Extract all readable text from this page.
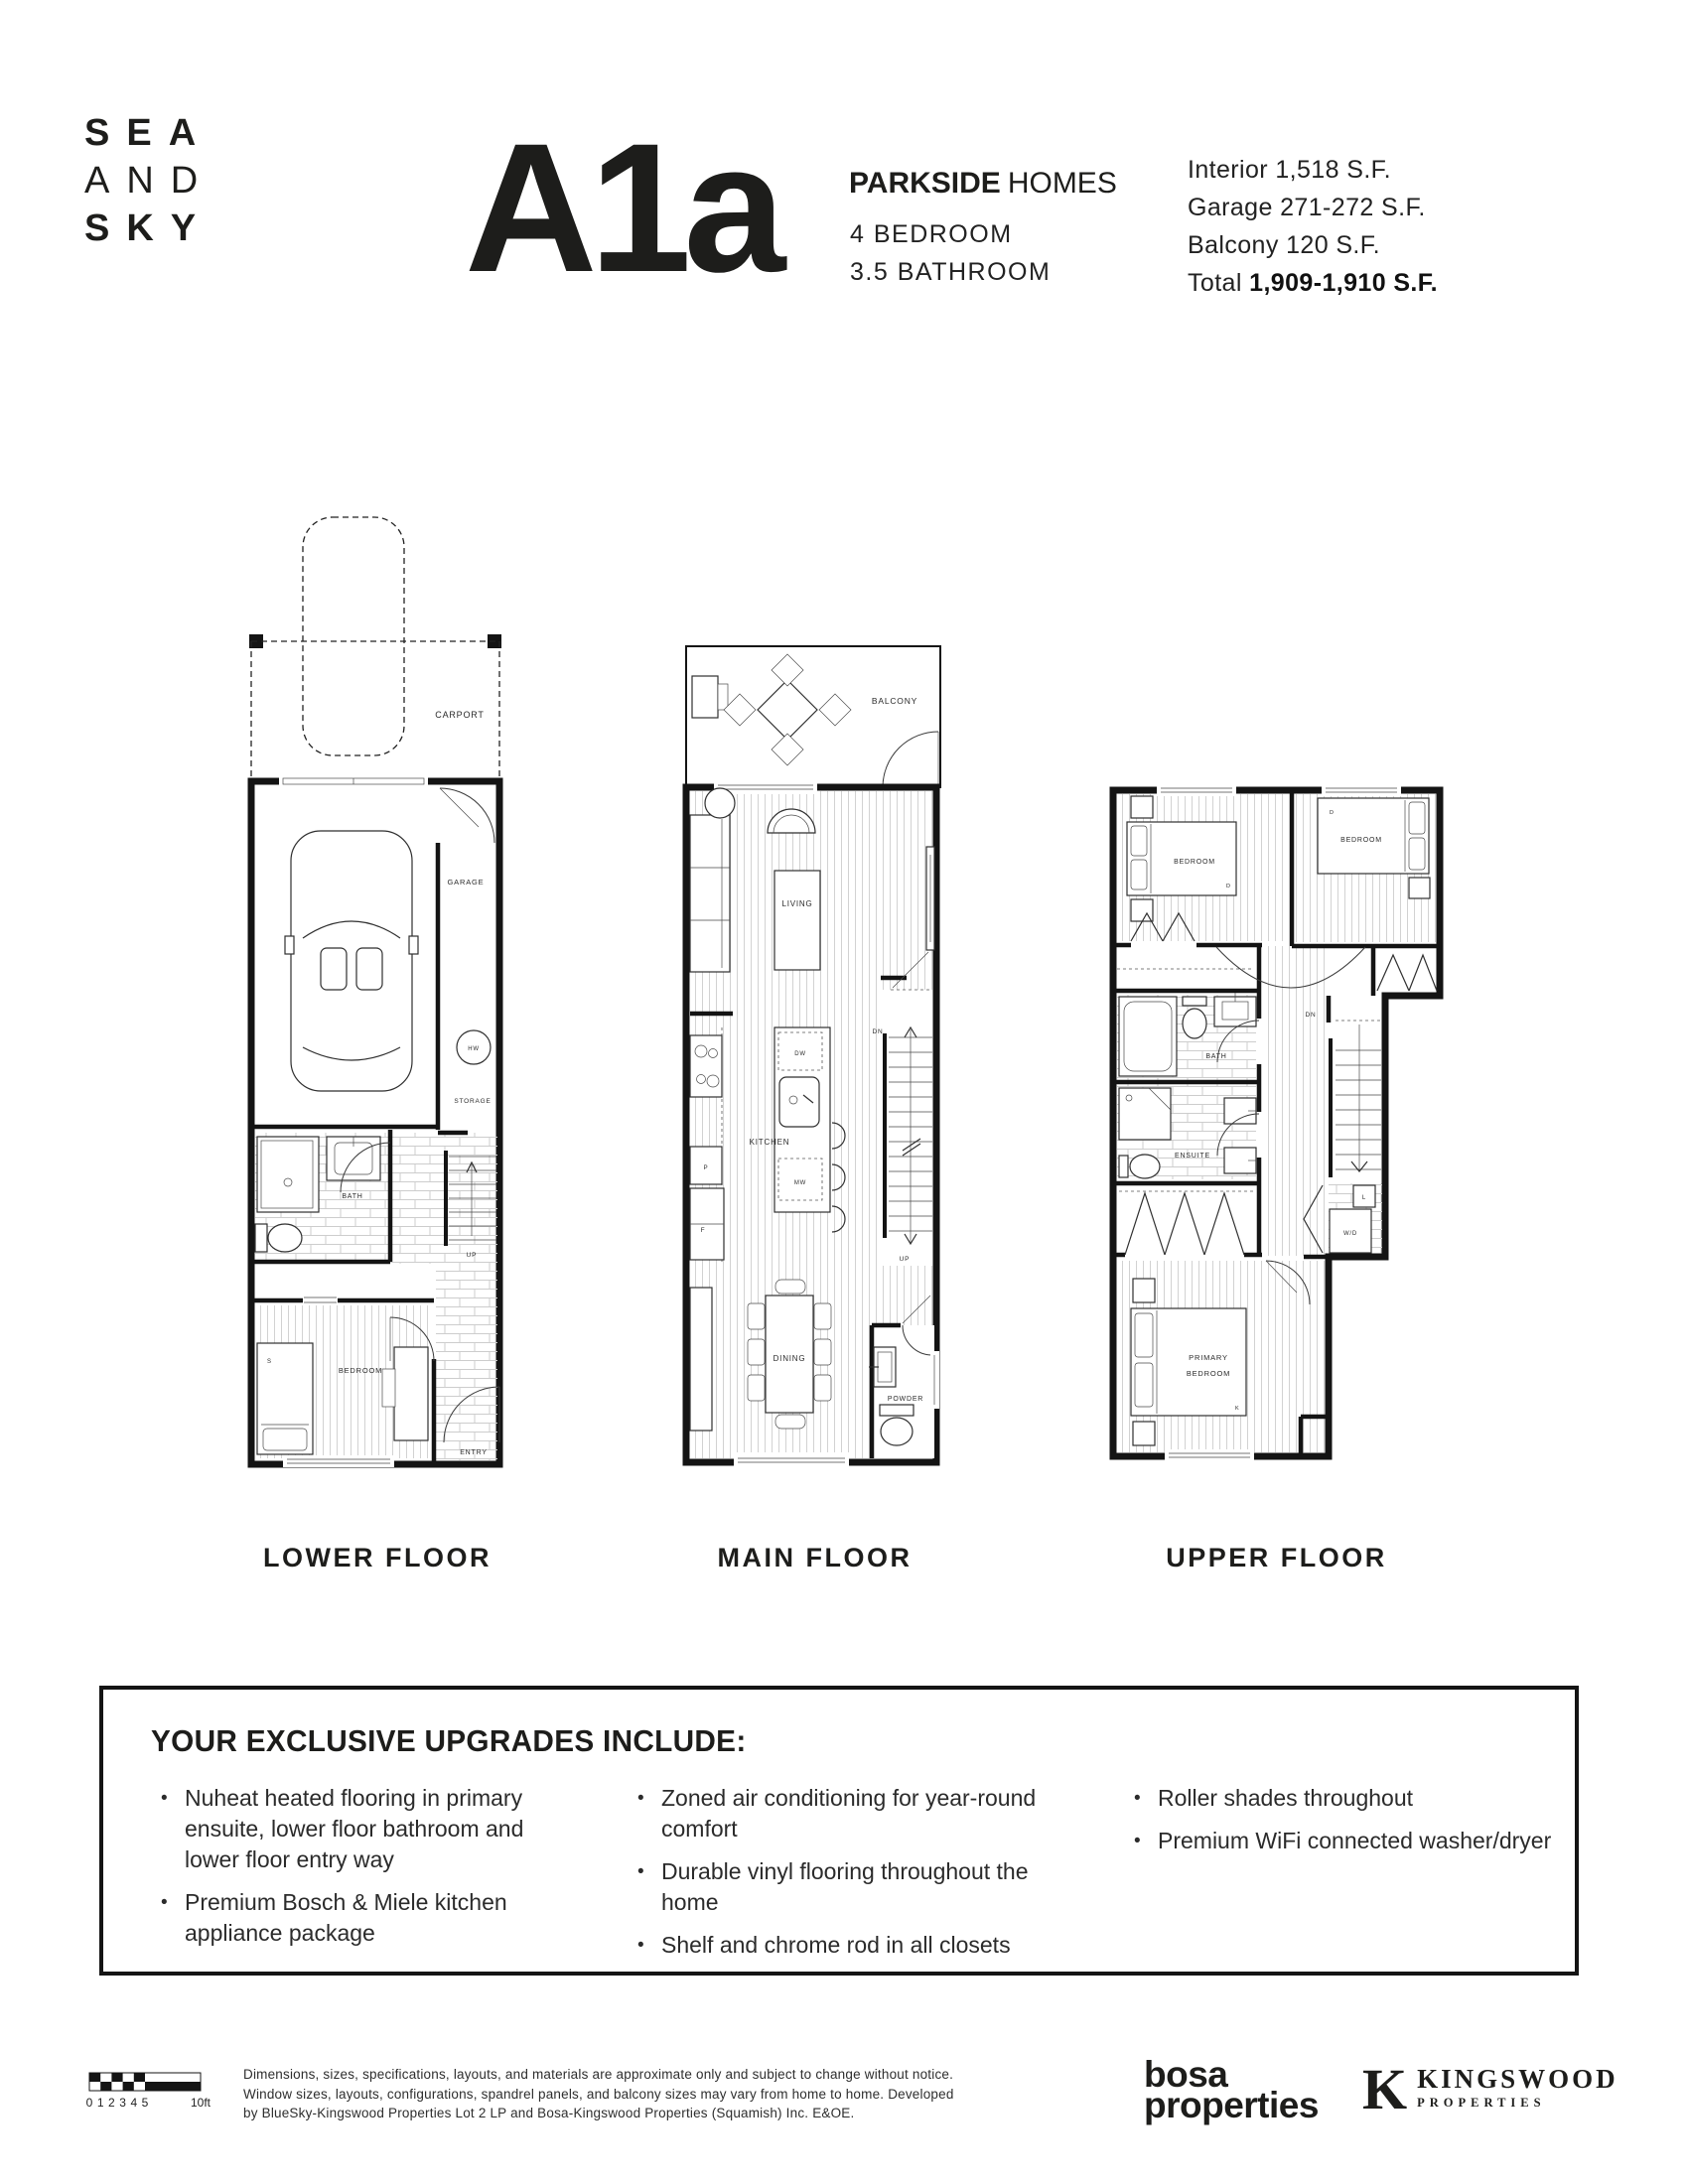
SEA
AND
SKY A1a PARKSIDE HOMES
4 BEDROOM
3.5 BATHROOM
Interior 1,518 S.F.
Garage 271-272 S.F.
Balcony 120 S.F.
Total 1,909-1,910 S.F.
CARPORT
GARAGE
HW
STORAGE
BATH
UP
S
BEDROOM
ENTRY
BALCONY
LIVING
P
F
DW
MW
KITCHEN
DN
UP
DINING
POWDER
BEDROOM
D
BEDROOM
D
BATH
ENSUITE
DN
L
W/D
PRIMARY
BEDROOM
K
LOWER FLOOR	MAIN FLOOR	UPPER FLOOR
YOUR EXCLUSIVE UPGRADES INCLUDE:
• Nuheat heated flooring in primary ensuite, lower floor bathroom and lower floor entry way
• Premium Bosch & Miele kitchen appliance package
• Zoned air conditioning for year-round comfort
• Durable vinyl flooring throughout the home
• Shelf and chrome rod in all closets
• Roller shades throughout
• Premium WiFi connected washer/dryer
0 1 2 3 4 5	10ft
Dimensions, sizes, specifications, layouts, and materials are approximate only and subject to change without notice.
Window sizes, layouts, configurations, spandrel panels, and balcony sizes may vary from home to home. Developed
by BlueSky-Kingswood Properties Lot 2 LP and Bosa-Kingswood Properties (Squamish) Inc. E&OE.
bosa
properties K KINGSWOOD
PROPERTIES
